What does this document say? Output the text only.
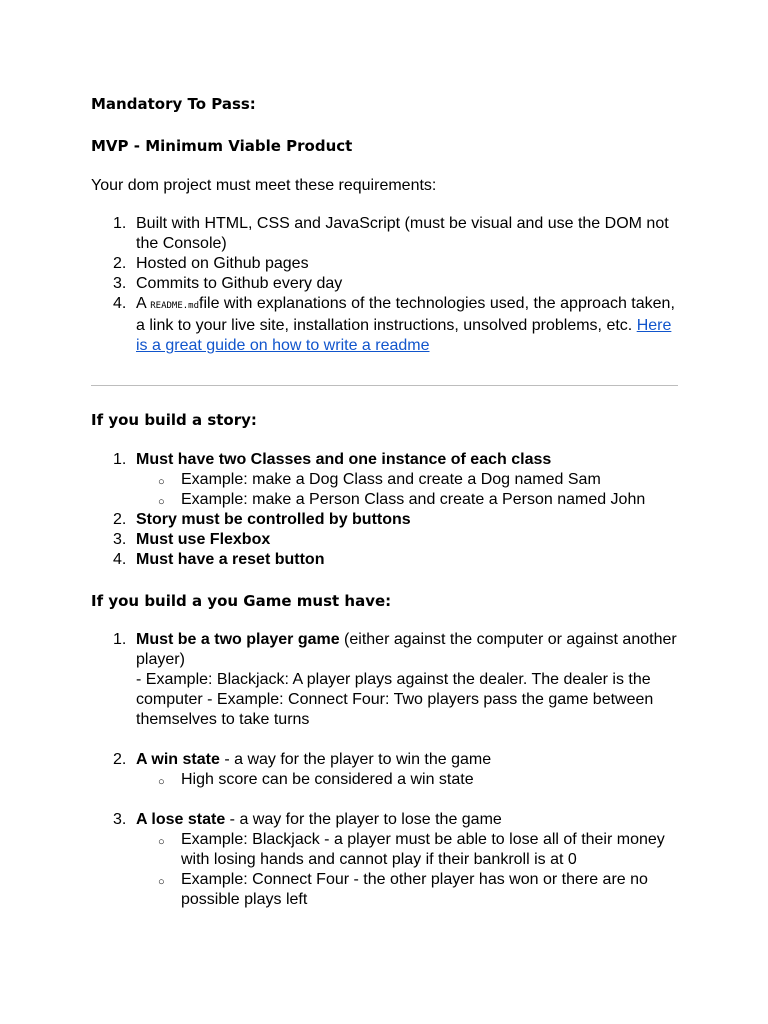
Mandatory To Pass:
MVP - Minimum Viable Product

Your dom project must meet these requirements:

1. Built with HTML, CSS and JavaScript (must be visual and use the DOM not the Console)
2. Hosted on Github pages
3. Commits to Github every day
4. A README.mdfile with explanations of the technologies used, the approach taken, a link to your live site, installation instructions, unsolved problems, etc. Here is a great guide on how to write a readme
If you build a story:
1. Must have two Classes and one instance of each class
○ Example: make a Dog Class and create a Dog named Sam
○ Example: make a Person Class and create a Person named John
2. Story must be controlled by buttons
3. Must use Flexbox
4. Must have a reset button
If you build a you Game must have:
1. Must be a two player game (either against the computer or against another player)
- Example: Blackjack: A player plays against the dealer. The dealer is the computer - Example: Connect Four: Two players pass the game between themselves to take turns
2. A win state - a way for the player to win the game
○ High score can be considered a win state
3. A lose state - a way for the player to lose the game
○ Example: Blackjack - a player must be able to lose all of their money with losing hands and cannot play if their bankroll is at 0
○ Example: Connect Four - the other player has won or there are no possible plays left
